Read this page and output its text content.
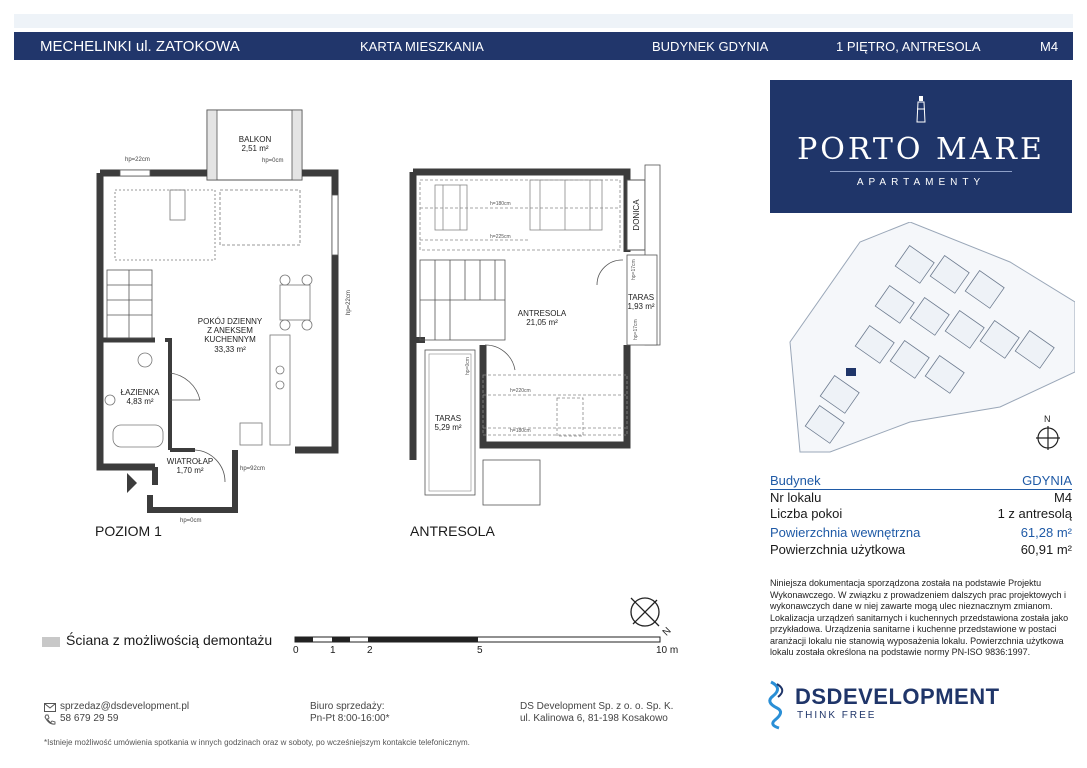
MECHELINKI ul. ZATOKOWA	KARTA MIESZKANIA	BUDYNEK GDYNIA	1 PIĘTRO, ANTRESOLA	M4
BALKON
2,51 m²
POKÓJ DZIENNY
Z ANEKSEM
KUCHENNYM
33,33 m²
ŁAZIENKA
4,83 m²
WIATROŁAP
1,70 m²
hp=22cm	hp=0cm
hp=22cm
hp=92cm
hp=0cm
POZIOM 1
ANTRESOLA
21,05 m²
TARAS
1,93 m²
TARAS
5,29 m²
DONICA
h=180cm
h=225cm
hp=17cm
hp=17cm
hp=0cm
h=220cm
h=180cm
ANTRESOLA
PORTO MARE
APARTAMENTY
N
Budynek	GDYNIA
Nr lokalu	M4
Liczba pokoi	1 z antresolą
Powierzchnia wewnętrzna	61,28 m²
Powierzchnia użytkowa	60,91 m²
Niniejsza dokumentacja sporządzona została na podstawie Projektu Wykonawczego. W związku z prowadzeniem dalszych prac projektowych i wykonawczych dane w niej zawarte mogą ulec nieznacznym zmianom. Lokalizacja urządzeń sanitarnych i kuchennych przedstawiona została jako przykładowa. Urządzenia sanitarne i kuchenne przedstawione w postaci aranżacji lokalu nie stanowią wyposażenia lokalu. Powierzchnia użytkowa lokalu została określona na podstawie normy PN-ISO 9836:1997.
Ściana z możliwością demontażu
0	1	2	5	10 m
N
sprzedaz@dsdevelopment.pl
58 679 29 59
Biuro sprzedaży:
Pn-Pt 8:00-16:00*
DS Development Sp. z o. o. Sp. K.
ul. Kalinowa 6, 81-198 Kosakowo
*Istnieje możliwość umówienia spotkania w innych godzinach oraz w soboty, po wcześniejszym kontakcie telefonicznym.
DSDEVELOPMENT
THINK FREE
